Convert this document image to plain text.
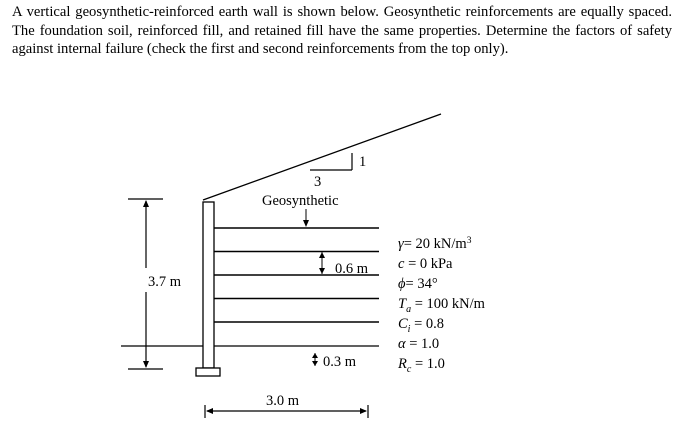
A vertical geosynthetic-reinforced earth wall is shown below. Geosynthetic reinforcements are equally spaced. The foundation soil, reinforced fill, and retained fill have the same properties. Determine the factors of safety against internal failure (check the first and second reinforcements from the top only).
3
1
Geosynthetic
3.7 m
0.6 m
0.3 m
3.0 m
γ= 20 $kN/m^3$
c = 0 kPa
ϕ= 34°
$T_a = 100$ kN/m
$C_i = 0.8$
α = 1.0
$R_c = 1.0$
